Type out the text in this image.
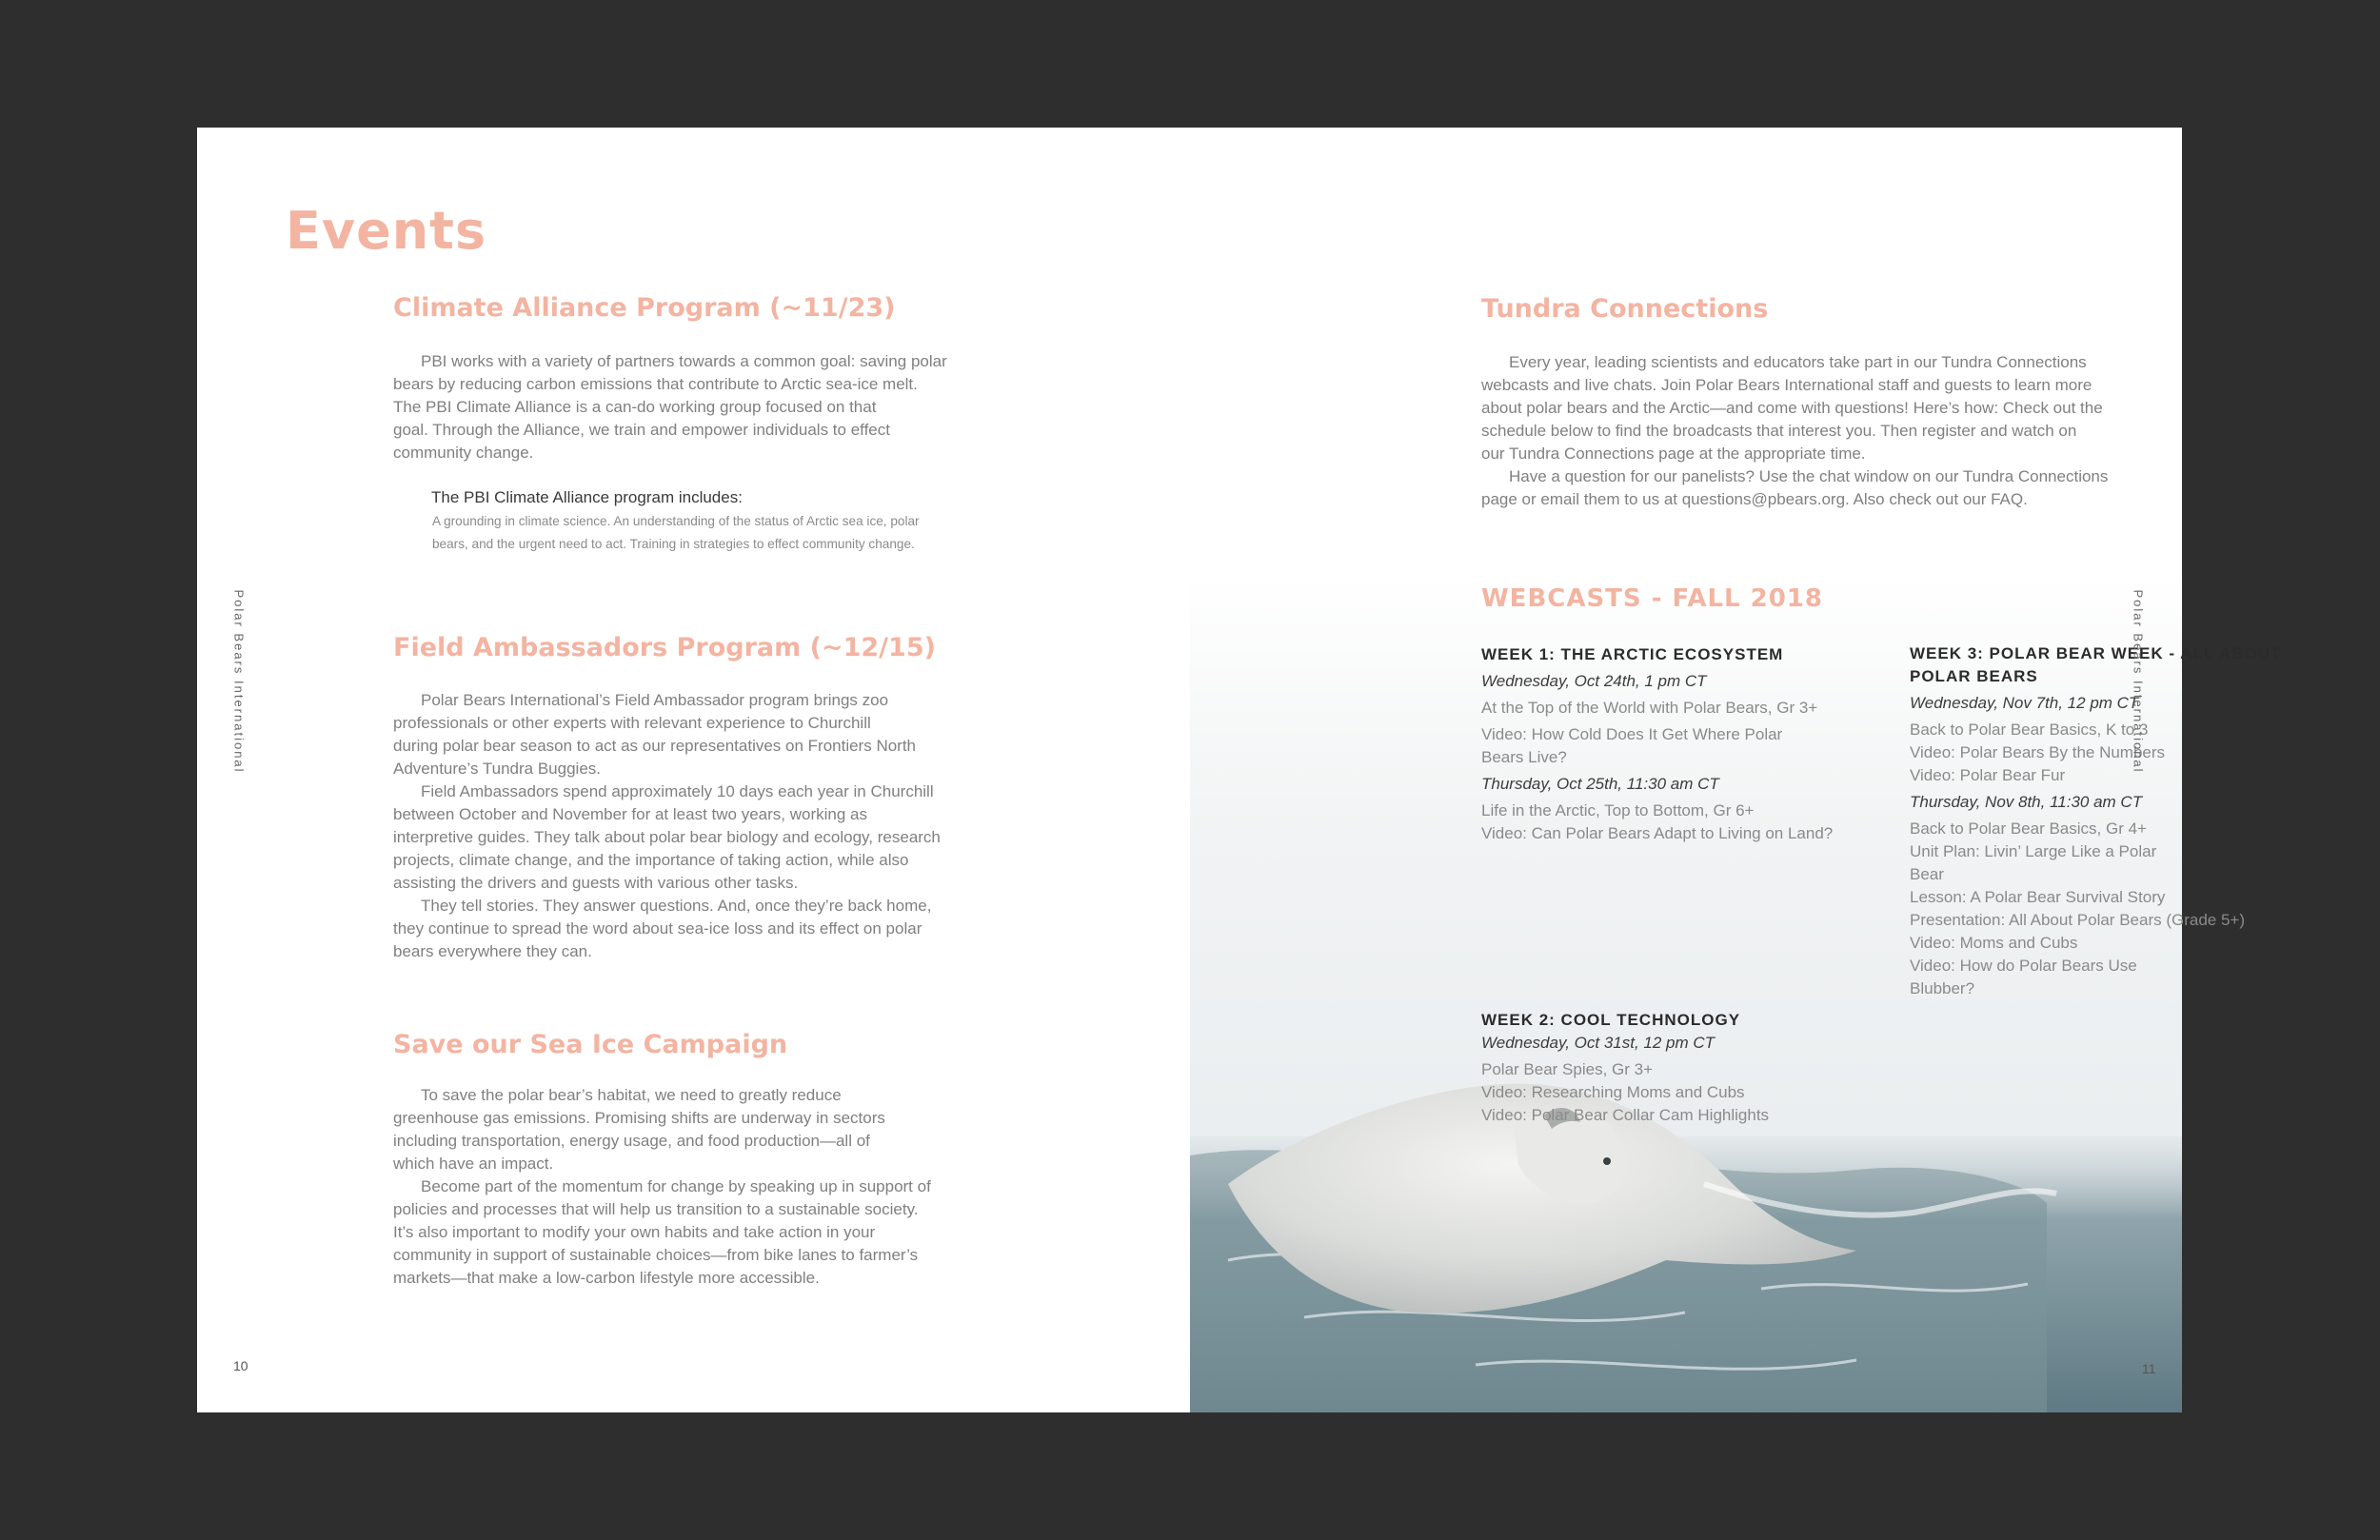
Events
Climate Alliance Program (~11/23)

PBI works with a variety of partners towards a common goal: saving polar

bears by reducing carbon emissions that contribute to Arctic sea-ice melt.

The PBI Climate Alliance is a can-do working group focused on that

goal. Through the Alliance, we train and empower individuals to effect

community change.

The PBI Climate Alliance program includes:
A grounding in climate science. An understanding of the status of Arctic sea ice, polar
bears, and the urgent need to act. Training in strategies to effect community change.
Field Ambassadors Program (~12/15)

Polar Bears International’s Field Ambassador program brings zoo

professionals or other experts with relevant experience to Churchill

during polar bear season to act as our representatives on Frontiers North

Adventure’s Tundra Buggies.

Field Ambassadors spend approximately 10 days each year in Churchill

between October and November for at least two years, working as

interpretive guides. They talk about polar bear biology and ecology, research

projects, climate change, and the importance of taking action, while also

assisting the drivers and guests with various other tasks.

They tell stories. They answer questions. And, once they’re back home,

they continue to spread the word about sea-ice loss and its effect on polar

bears everywhere they can.

Save our Sea Ice Campaign

To save the polar bear’s habitat, we need to greatly reduce

greenhouse gas emissions. Promising shifts are underway in sectors

including transportation, energy usage, and food production—all of

which have an impact.

Become part of the momentum for change by speaking up in support of

policies and processes that will help us transition to a sustainable society.

It’s also important to modify your own habits and take action in your

community in support of sustainable choices—from bike lanes to farmer’s

markets—that make a low-carbon lifestyle more accessible.

10
Polar Bears International
Tundra Connections

Every year, leading scientists and educators take part in our Tundra Connections

webcasts and live chats. Join Polar Bears International staff and guests to learn more

about polar bears and the Arctic—and come with questions! Here’s how: Check out the

schedule below to find the broadcasts that interest you. Then register and watch on

our Tundra Connections page at the appropriate time.

Have a question for our panelists? Use the chat window on our Tundra Connections

page or email them to us at questions@pbears.org. Also check out our FAQ.

WEBCASTS - FALL 2018
WEEK 1: THE ARCTIC ECOSYSTEM
Wednesday, Oct 24th, 1 pm CT
At the Top of the World with Polar Bears, Gr 3+
Video: How Cold Does It Get Where Polar
Bears Live?
Thursday, Oct 25th, 11:30 am CT
Life in the Arctic, Top to Bottom, Gr 6+
Video: Can Polar Bears Adapt to Living on Land?
WEEK 2: COOL TECHNOLOGY
Wednesday, Oct 31st, 12 pm CT
Polar Bear Spies, Gr 3+
Video: Researching Moms and Cubs
Video: Polar Bear Collar Cam Highlights
WEEK 3: POLAR BEAR WEEK - ALL ABOUT
POLAR BEARS
Wednesday, Nov 7th, 12 pm CT
Back to Polar Bear Basics, K to 3
Video: Polar Bears By the Numbers
Video: Polar Bear Fur
Thursday, Nov 8th, 11:30 am CT
Back to Polar Bear Basics, Gr 4+
Unit Plan: Livin’ Large Like a Polar Bear
Lesson: A Polar Bear Survival Story
Presentation: All About Polar Bears (Grade 5+)
Video: Moms and Cubs
Video: How do Polar Bears Use Blubber?
11
Polar Bears International
